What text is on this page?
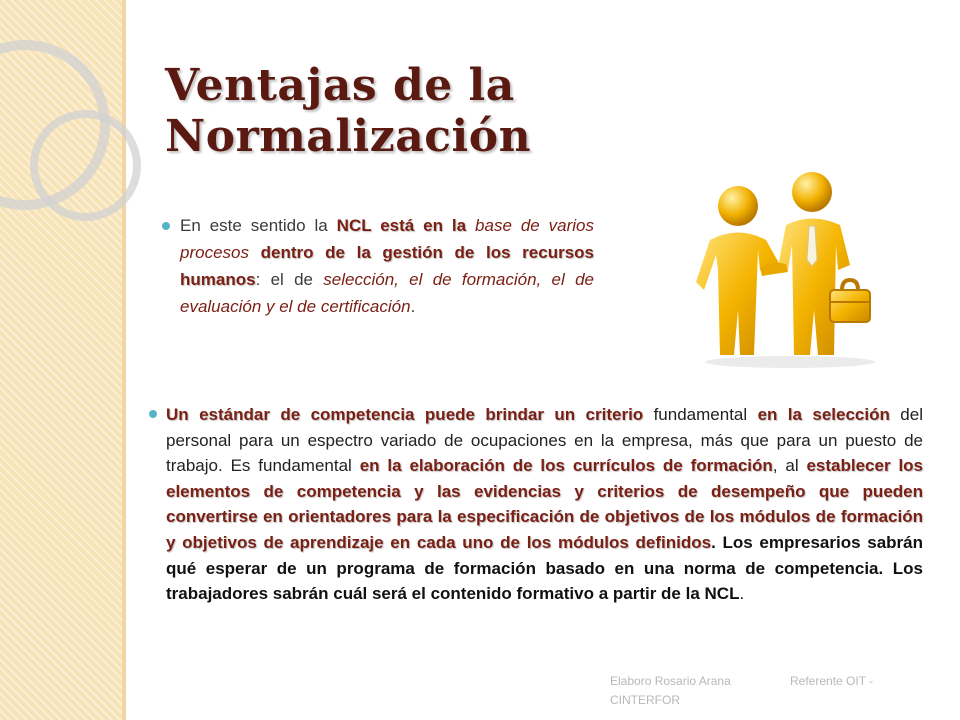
Ventajas de la Normalización
En este sentido la NCL está en la base de varios procesos dentro de la gestión de los recursos humanos: el de selección, el de formación, el de evaluación y el de certificación.
Un estándar de competencia puede brindar un criterio fundamental en la selección del personal para un espectro variado de ocupaciones en la empresa, más que para un puesto de trabajo. Es fundamental en la elaboración de los currículos de formación, al establecer los elementos de competencia y las evidencias y criterios de desempeño que pueden convertirse en orientadores para la especificación de objetivos de los módulos de formación y objetivos de aprendizaje en cada uno de los módulos definidos. Los empresarios sabrán qué esperar de un programa de formación basado en una norma de competencia. Los trabajadores sabrán cuál será el contenido formativo a partir de la NCL.
Elaboro Rosario Arana	Referente OIT -
CINTERFOR
